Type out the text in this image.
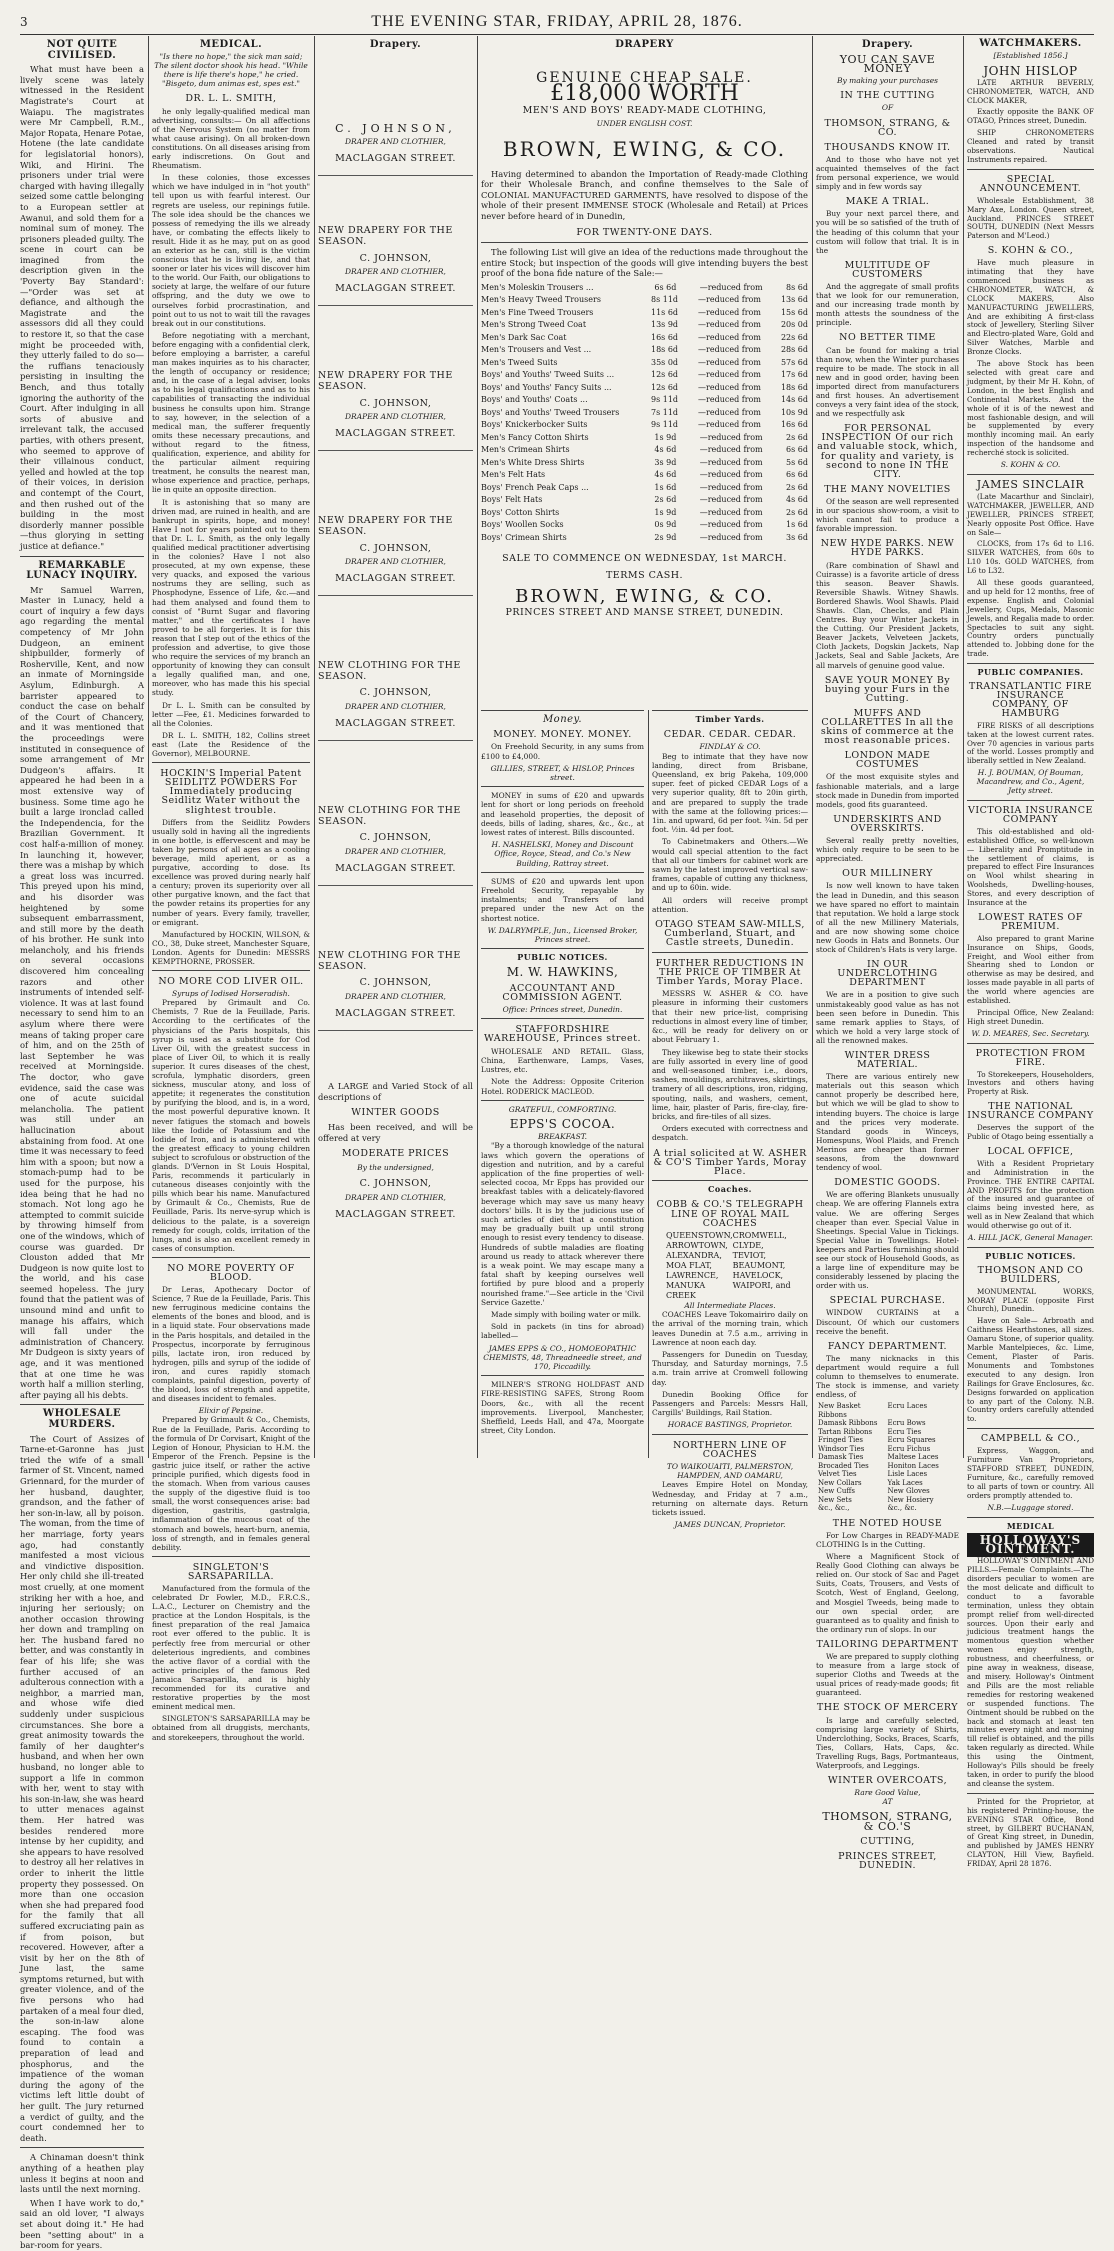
3	THE EVENING STAR, FRIDAY, APRIL 28, 1876.
NOT QUITE CIVILISED.

What must have been a lively scene was lately witnessed in the Resident Magistrate's Court at Waiapu. The magistrates were Mr Campbell, R.M., Major Ropata, Henare Potae, Hotene (the late candidate for legislatorial honors), Wiki, and Hirini. The prisoners under trial were charged with having illegally seized some cattle belonging to a European settler at Awanui, and sold them for a nominal sum of money. The prisoners pleaded guilty. The scene in court can be imagined from the description given in the 'Poverty Bay Standard':—"Order was set at defiance, and although the Magistrate and the assessors did all they could to restore it, so that the case might be proceeded with, they utterly failed to do so—the ruffians tenaciously persisting in insulting the Bench, and thus totally ignoring the authority of the Court. After indulging in all sorts of abusive and irrelevant talk, the accused parties, with others present, who seemed to approve of their villainous conduct, yelled and howled at the top of their voices, in derision and contempt of the Court, and then rushed out of the building in the most disorderly manner possible—thus glorying in setting justice at defiance."

REMARKABLE LUNACY INQUIRY.

Mr Samuel Warren, Master in Lunacy, held a court of inquiry a few days ago regarding the mental competency of Mr John Dudgeon, an eminent shipbuilder, formerly of Rosherville, Kent, and now an inmate of Morningside Asylum, Edinburgh. A barrister appeared to conduct the case on behalf of the Court of Chancery, and it was mentioned that the proceedings were instituted in consequence of some arrangement of Mr Dudgeon's affairs. It appeared he had been in a most extensive way of business. Some time ago he built a large ironclad called the Independencia, for the Brazilian Government. It cost half-a-million of money. In launching it, however, there was a mishap by which a great loss was incurred. This preyed upon his mind, and his disorder was heightened by some subsequent embarrassment, and still more by the death of his brother. He sunk into melancholy, and his friends on several occasions discovered him concealing razors and other instruments of intended self-violence. It was at last found necessary to send him to an asylum where there were means of taking proper care of him, and on the 25th of last September he was received at Morningside. The doctor, who gave evidence, said the case was one of acute suicidal melancholia. The patient was still under an hallucination about abstaining from food. At one time it was necessary to feed him with a spoon; but now a stomach-pump had to be used for the purpose, his idea being that he had no stomach. Not long ago he attempted to commit suicide by throwing himself from one of the windows, which of course was guarded. Dr Clouston added that Mr Dudgeon is now quite lost to the world, and his case seemed hopeless. The jury found that the patient was of unsound mind and unfit to manage his affairs, which will fall under the administration of Chancery. Mr Dudgeon is sixty years of age, and it was mentioned that at one time he was worth half a million sterling, after paying all his debts.

WHOLESALE MURDERS.

The Court of Assizes of Tarne-et-Garonne has just tried the wife of a small farmer of St. Vincent, named Griennard, for the murder of her husband, daughter, grandson, and the father of her son-in-law, all by poison. The woman, from the time of her marriage, forty years ago, had constantly manifested a most vicious and vindictive disposition. Her only child she ill-treated most cruelly, at one moment striking her with a hoe, and injuring her seriously; on another occasion throwing her down and trampling on her. The husband fared no better, and was constantly in fear of his life; she was further accused of an adulterous connection with a neighbor, a married man, and whose wife died suddenly under suspicious circumstances. She bore a great animosity towards the family of her daughter's husband, and when her own husband, no longer able to support a life in common with her, went to stay with his son-in-law, she was heard to utter menaces against them. Her hatred was besides rendered more intense by her cupidity, and she appears to have resolved to destroy all her relatives in order to inherit the little property they possessed. On more than one occasion when she had prepared food for the family that all suffered excruciating pain as if from poison, but recovered. However, after a visit by her on the 8th of June last, the same symptoms returned, but with greater violence, and of the five persons who had partaken of a meal four died, the son-in-law alone escaping. The food was found to contain a preparation of lead and phosphorus, and the impatience of the woman during the agony of the victims left little doubt of her guilt. The jury returned a verdict of guilty, and the court condemned her to death.

A Chinaman doesn't think anything of a heathen play unless it begins at noon and lasts until the next morning.

When I have work to do," said an old lover, "I always set about doing it." He had been "setting about" in a bar-room for years.

MEDICAL.
"Is there no hope," the sick man said; The silent doctor shook his head. "While there is life there's hope," he cried. "Bisgeto, dum animas est, spes est."
DR. L. L. SMITH,

he only legally-qualified medical man advertising, consults:— On all affections of the Nervous System (no matter from what cause arising). On all broken-down constitutions. On all diseases arising from early indiscretions. On Gout and Rheumatism.

In these colonies, those excesses which we have indulged in in "hot youth" tell upon us with fearful interest. Our regrets are useless, our repinings futile. The sole idea should be the chances we possess of remedying the ills we already have, or combating the effects likely to result. Hide it as he may, put on as good an exterior as he can, still is the victim conscious that he is living lie, and that sooner or later his vices will discover him to the world. Our Faith, our obligations to society at large, the welfare of our future offspring, and the duty we owe to ourselves forbid procrastination, and point out to us not to wait till the ravages break out in our constitutions.

Before negotiating with a merchant, before engaging with a confidential clerk, before employing a barrister, a careful man makes inquiries as to his character, the length of occupancy or residence; and, in the case of a legal adviser, looks as to his legal qualifications and as to his capabilities of transacting the individual business he consults upon him. Strange to say, however, in the selection of a medical man, the sufferer frequently omits these necessary precautions, and without regard to the fitness, qualification, experience, and ability for the particular ailment requiring treatment, he consults the nearest man, whose experience and practice, perhaps, lie in quite an opposite direction.

It is astonishing that so many are driven mad, are ruined in health, and are bankrupt in spirits, hope, and money! Have I not for years pointed out to them that Dr. L. L. Smith, as the only legally qualified medical practitioner advertising in the colonies? Have I not also prosecuted, at my own expense, these very quacks, and exposed the various nostrums they are selling, such as Phosphodyne, Essence of Life, &c.—and had them analysed and found them to consist of "Burnt Sugar and flavoring matter," and the certificates I have proved to be all forgeries. It is for this reason that I step out of the ethics of the profession and advertise, to give those who require the services of my branch an opportunity of knowing they can consult a legally qualified man, and one, moreover, who has made this his special study.

Dr L. L. Smith can be consulted by letter —Fee, £1. Medicines forwarded to all the Colonies.

DR L. L. SMITH, 182, Collins street east (Late the Residence of the Governor), MELBOURNE.

HOCKIN'S Imperial Patent SEIDLITZ POWDERS For Immediately producing Seidlitz Water without the slightest trouble.

Differs from the Seidlitz Powders usually sold in having all the ingredients in one bottle, is effervescent and may be taken by persons of all ages as a cooling beverage, mild aperient, or as a purgative, according to dose. Its excellence was proved during nearly half a century; proven its superiority over all other purgative known, and the fact that the powder retains its properties for any number of years. Every family, traveller, or emigrant.

Manufactured by HOCKIN, WILSON, & CO., 38, Duke street, Manchester Square, London. Agents for Dunedin: MESSRS KEMPTHORNE, PROSSER.

NO MORE COD LIVER OIL.
Syrups of Iodised Horseradish.

Prepared by Grimault and Co. Chemists, 7 Rue de la Feuillade, Paris. According to the certificates of the physicians of the Paris hospitals, this syrup is used as a substitute for Cod Liver Oil, with the greatest success in place of Liver Oil, to which it is really superior. It cures diseases of the chest, scrofula, lymphatic disorders, green sickness, muscular atony, and loss of appetite; it regenerates the constitution by purifying the blood, and is, in a word, the most powerful depurative known. It never fatigues the stomach and bowels like the Iodide of Potassium and the Iodide of Iron, and is administered with the greatest efficacy to young children subject to scrofulous or obstruction of the glands. D'Vernon in St Louis Hospital, Paris, recommends it particularly in cutaneous diseases conjointly with the pills which bear his name. Manufactured by Grimault & Co., Chemists, Rue de Feuillade, Paris. Its nerve-syrup which is delicious to the palate, is a sovereign remedy for cough, colds, irritation of the lungs, and is also an excellent remedy in cases of consumption.

NO MORE POVERTY OF BLOOD.

Dr Leras, Apothecary Doctor of Science, 7 Rue de la Feuillade, Paris. This new ferruginous medicine contains the elements of the bones and blood, and is in a liquid state. Four observations made in the Paris hospitals, and detailed in the Prospectus, incorporate by ferruginous pills, lactate iron, iron reduced by hydrogen, pills and syrup of the iodide of iron, and cures rapidly stomach complaints, painful digestion, poverty of the blood, loss of strength and appetite, and diseases incident to females.

Elixir of Pepsine.

Prepared by Grimault & Co., Chemists, Rue de la Feuillade, Paris. According to the formula of Dr Corvisart, Knight of the Legion of Honour, Physician to H.M. the Emperor of the French. Pepsine is the gastric juice itself, or rather the active principle purified, which digests food in the stomach. When from various causes the supply of the digestive fluid is too small, the worst consequences arise: bad digestion, gastritis, gastralgia, inflammation of the mucous coat of the stomach and bowels, heart-burn, anemia, loss of strength, and in females general debility.

SINGLETON'S SARSAPARILLA.

Manufactured from the formula of the celebrated Dr Fowler, M.D., F.R.C.S., L.A.C., Lecturer on Chemistry and the practice at the London Hospitals, is the finest preparation of the real Jamaica root ever offered to the public. It is perfectly free from mercurial or other deleterious ingredients, and combines the active flavor of a cordial with the active principles of the famous Red Jamaica Sarsaparilla, and is highly recommended for its curative and restorative properties by the most eminent medical men.

SINGLETON'S SARSAPARILLA may be obtained from all druggists, merchants, and storekeepers, throughout the world.

Drapery.
C. JOHNSON,
DRAPER AND CLOTHIER,
MACLAGGAN STREET.
NEW DRAPERY FOR THE SEASON.
C. JOHNSON,
DRAPER AND CLOTHIER,
MACLAGGAN STREET.
NEW DRAPERY FOR THE SEASON.
C. JOHNSON,
DRAPER AND CLOTHIER,
MACLAGGAN STREET.
NEW DRAPERY FOR THE SEASON.
C. JOHNSON,
DRAPER AND CLOTHIER,
MACLAGGAN STREET.
NEW CLOTHING FOR THE SEASON.
C. JOHNSON,
DRAPER AND CLOTHIER,
MACLAGGAN STREET.
NEW CLOTHING FOR THE SEASON.
C. JOHNSON,
DRAPER AND CLOTHIER,
MACLAGGAN STREET.
NEW CLOTHING FOR THE SEASON.
C. JOHNSON,
DRAPER AND CLOTHIER,
MACLAGGAN STREET.

A LARGE and Varied Stock of all descriptions of

WINTER GOODS

Has been received, and will be offered at very

MODERATE PRICES
By the undersigned,
C. JOHNSON,
DRAPER AND CLOTHIER,
MACLAGGAN STREET.
DRAPERY
GENUINE CHEAP SALE.
£18,000 WORTH
MEN'S AND BOYS' READY-MADE CLOTHING,
UNDER ENGLISH COST.
BROWN, EWING, & CO.

Having determined to abandon the Importation of Ready-made Clothing for their Wholesale Branch, and confine themselves to the Sale of COLONIAL MANUFACTURED GARMENTS, have resolved to dispose of the whole of their present IMMENSE STOCK (Wholesale and Retail) at Prices never before heard of in Dunedin,

FOR TWENTY-ONE DAYS.

The following List will give an idea of the reductions made throughout the entire Stock; but inspection of the goods will give intending buyers the best proof of the bona fide nature of the Sale:—

Men's Moleskin Trousers ...	6s 6d	—reduced from	8s 6d
Men's Heavy Tweed Trousers	8s 11d	—reduced from	13s 6d
Men's Fine Tweed Trousers	11s 6d	—reduced from	15s 6d
Men's Strong Tweed Coat	13s 9d	—reduced from	20s 0d
Men's Dark Sac Coat	16s 6d	—reduced from	22s 6d
Men's Trousers and Vest ...	18s 6d	—reduced from	28s 6d
Men's Tweed Suits	35s 0d	—reduced from	57s 6d
Boys' and Youths' Tweed Suits ...	12s 6d	—reduced from	17s 6d
Boys' and Youths' Fancy Suits ...	12s 6d	—reduced from	18s 6d
Boys' and Youths' Coats ...	9s 11d	—reduced from	14s 6d
Boys' and Youths' Tweed Trousers	7s 11d	—reduced from	10s 9d
Boys' Knickerbocker Suits	9s 11d	—reduced from	16s 6d
Men's Fancy Cotton Shirts	1s 9d	—reduced from	2s 6d
Men's Crimean Shirts	4s 6d	—reduced from	6s 6d
Men's White Dress Shirts	3s 9d	—reduced from	5s 6d
Men's Felt Hats	4s 6d	—reduced from	6s 6d
Boys' French Peak Caps ...	1s 6d	—reduced from	2s 6d
Boys' Felt Hats	2s 6d	—reduced from	4s 6d
Boys' Cotton Shirts	1s 9d	—reduced from	2s 6d
Boys' Woollen Socks	0s 9d	—reduced from	1s 6d
Boys' Crimean Shirts	2s 9d	—reduced from	3s 6d
SALE TO COMMENCE ON WEDNESDAY, 1st MARCH.
TERMS CASH.
BROWN, EWING, & CO.
PRINCES STREET AND MANSE STREET, DUNEDIN.
Money.
MONEY. MONEY. MONEY.

On Freehold Security, in any sums from £100 to £4,000.

GILLIES, STREET, & HISLOP, Princes street.

MONEY in sums of £20 and upwards lent for short or long periods on freehold and leasehold properties, the deposit of deeds, bills of lading, shares, &c., &c., at lowest rates of interest. Bills discounted.

H. NASHELSKI, Money and Discount Office, Royce, Stead, and Co.'s New Building, Rattray street.

SUMS of £20 and upwards lent upon Freehold Security, repayable by instalments; and Transfers of land prepared under the new Act on the shortest notice.

W. DALRYMPLE, Jun., Licensed Broker, Princes street.
PUBLIC NOTICES.
M. W. HAWKINS,
ACCOUNTANT AND COMMISSION AGENT.
Office: Princes street, Dunedin.
STAFFORDSHIRE WAREHOUSE, Princes street.

WHOLESALE AND RETAIL. Glass, China, Earthenware, Lamps, Vases, Lustres, etc.

Note the Address: Opposite Criterion Hotel. RODERICK MACLEOD.

GRATEFUL, COMFORTING.
EPPS'S COCOA.
BREAKFAST.

"By a thorough knowledge of the natural laws which govern the operations of digestion and nutrition, and by a careful application of the fine properties of well-selected cocoa, Mr Epps has provided our breakfast tables with a delicately-flavored beverage which may save us many heavy doctors' bills. It is by the judicious use of such articles of diet that a constitution may be gradually built up until strong enough to resist every tendency to disease. Hundreds of subtle maladies are floating around us ready to attack wherever there is a weak point. We may escape many a fatal shaft by keeping ourselves well fortified by pure blood and a properly nourished frame."—See article in the 'Civil Service Gazette.'

Made simply with boiling water or milk.

Sold in packets (in tins for abroad) labelled—

JAMES EPPS & CO., HOMOEOPATHIC CHEMISTS, 48, Threadneedle street, and 170, Piccadilly.

MILNER'S STRONG HOLDFAST AND FIRE-RESISTING SAFES, Strong Room Doors, &c., with all the recent improvements. Liverpool, Manchester, Sheffield, Leeds Hall, and 47a, Moorgate street, City London.

Timber Yards.
CEDAR. CEDAR. CEDAR.
FINDLAY & CO.

Beg to intimate that they have now landing, direct from Brisbane, Queensland, ex brig Pakeha, 109,000 super. feet of picked CEDAR Logs of a very superior quality, 8ft to 20in girth, and are prepared to supply the trade with the same at the following prices:— 1in. and upward, 6d per foot. ¾in. 5d per foot. ½in. 4d per foot.

To Cabinetmakers and Others.—We would call special attention to the fact that all our timbers for cabinet work are sawn by the latest improved vertical saw-frames, capable of cutting any thickness, and up to 60in. wide.

All orders will receive prompt attention.

OTAGO STEAM SAW-MILLS, Cumberland, Stuart, and Castle streets, Dunedin.
FURTHER REDUCTIONS IN THE PRICE OF TIMBER At Timber Yards, Moray Place.

MESSRS W. ASHER & CO. have pleasure in informing their customers that their new price-list, comprising reductions in almost every line of timber, &c., will be ready for delivery on or about February 1.

They likewise beg to state their stocks are fully assorted in every line of good and well-seasoned timber, i.e., doors, sashes, mouldings, architraves, skirtings, tramery of all descriptions, iron, ridging, spouting, nails, and washers, cement, lime, hair, plaster of Paris, fire-clay, fire-bricks, and fire-tiles of all sizes.

Orders executed with correctness and despatch.

A trial solicited at W. ASHER & CO'S Timber Yards, Moray Place.
Coaches.
COBB & CO.'S TELEGRAPH LINE OF ROYAL MAIL COACHES
QUEENSTOWN, CROMWELL,
ARROWTOWN, CLYDE,
ALEXANDRA,	TEVIOT,
MOA FLAT,	BEAUMONT,
LAWRENCE,	HAVELOCK,
MANUKA CREEK
WAIPORI, and
All Intermediate Places.

COACHES Leave Tokomairiro daily on the arrival of the morning train, which leaves Dunedin at 7.5 a.m., arriving in Lawrence at noon each day.

Passengers for Dunedin on Tuesday, Thursday, and Saturday mornings, 7.5 a.m. train arrive at Cromwell following day.

Dunedin Booking Office for Passengers and Parcels: Messrs Hall, Cargills' Buildings, Rail Station.

HORACE BASTINGS, Proprietor.
NORTHERN LINE OF COACHES
TO WAIKOUAITI, PALMERSTON, HAMPDEN, AND OAMARU,

Leaves Empire Hotel on Monday, Wednesday, and Friday at 7 a.m., returning on alternate days. Return tickets issued.

JAMES DUNCAN, Proprietor.
Drapery.
YOU CAN SAVE MONEY
By making your purchases
IN THE CUTTING
OF
THOMSON, STRANG, & CO.
THOUSANDS KNOW IT.

And to those who have not yet acquainted themselves of the fact from personal experience, we would simply and in few words say

MAKE A TRIAL.

Buy your next parcel there, and you will be so satisfied of the truth of the heading of this column that your custom will follow that trial. It is in the

MULTITUDE OF CUSTOMERS

And the aggregate of small profits that we look for our remuneration, and our increasing trade month by month attests the soundness of the principle.

NO BETTER TIME

Can be found for making a trial than now, when the Winter purchases require to be made. The stock in all new and in good order, having been imported direct from manufacturers and first houses. An advertisement conveys a very faint idea of the stock, and we respectfully ask

FOR PERSONAL INSPECTION Of our rich and valuable stock, which, for quality and variety, is second to none IN THE CITY.
THE MANY NOVELTIES

Of the season are well represented in our spacious show-room, a visit to which cannot fail to produce a favorable impression.

NEW HYDE PARKS. NEW HYDE PARKS.

(Rare combination of Shawl and Cuirasse) is a favorite article of dress this season. Beaver Shawls. Reversible Shawls. Witney Shawls. Bordered Shawls. Wool Shawls. Plaid Shawls. Clan, Checks, and Plain Centres. Buy your Winter Jackets in the Cutting. Our President Jackets, Beaver Jackets, Velveteen Jackets, Cloth Jackets, Dogskin Jackets, Nap Jackets, Seal and Sable Jackets, Are all marvels of genuine good value.

SAVE YOUR MONEY By buying your Furs in the Cutting.
MUFFS AND COLLARETTES In all the skins of commerce at the most reasonable prices.
LONDON MADE COSTUMES

Of the most exquisite styles and fashionable materials, and a large stock made in Dunedin from imported models, good fits guaranteed.

UNDERSKIRTS AND OVERSKIRTS.

Several really pretty novelties, which only require to be seen to be appreciated.

OUR MILLINERY

Is now well known to have taken the lead in Dunedin, and this season we have spared no effort to maintain that reputation. We hold a large stock of all the new Millinery Materials, and are now showing some choice new Goods in Hats and Bonnets. Our stock of Children's Hats is very large.

IN OUR UNDERCLOTHING DEPARTMENT

We are in a position to give such unmistakeably good value as has not been seen before in Dunedin. This same remark applies to Stays, of which we hold a very large stock of all the renowned makes.

WINTER DRESS MATERIAL.

There are various entirely new materials out this season which cannot properly be described here, but which we will be glad to show to intending buyers. The choice is large and the prices very moderate. Standard goods in Winceys, Homespuns, Wool Plaids, and French Merinos are cheaper than former seasons, from the downward tendency of wool.

DOMESTIC GOODS.

We are offering Blankets unusually cheap. We are offering Flannels extra value. We are offering Serges cheaper than ever. Special Value in Sheetings. Special Value in Tickings. Special Value in Towellings. Hotel-keepers and Parties furnishing should see our stock of Household Goods, as a large line of expenditure may be considerably lessened by placing the order with us.

SPECIAL PURCHASE.

WINDOW CURTAINS at a Discount, Of which our customers receive the benefit.

FANCY DEPARTMENT.

The many nicknacks in this department would require a full column to themselves to enumerate. The stock is immense, and variety endless, of

New Basket Ribbons
Ecru Laces
Damask Ribbons	Ecru Bows
Tartan Ribbons	Ecru Ties
Fringed Ties	Ecru Squares
Windsor Ties	Ecru Fichus
Damask Ties	Maltese Laces
Brocaded Ties	Honiton Laces
Velvet Ties	Lisle Laces
New Collars	Yak Laces
New Cuffs	New Gloves
New Sets	New Hosiery
&c., &c.,	&c., &c.
THE NOTED HOUSE

For Low Charges in READY-MADE CLOTHING Is in the Cutting.

Where a Magnificent Stock of Really Good Clothing can always be relied on. Our stock of Sac and Paget Suits, Coats, Trousers, and Vests of Scotch, West of England, Geelong, and Mosgiel Tweeds, being made to our own special order, are guaranteed as to quality and finish to the ordinary run of slops. In our

TAILORING DEPARTMENT

We are prepared to supply clothing to measure from a large stock of superior Cloths and Tweeds at the usual prices of ready-made goods; fit guaranteed.

THE STOCK OF MERCERY

Is large and carefully selected, comprising large variety of Shirts, Underclothing, Socks, Braces, Scarfs, Ties, Collars, Hats, Caps, &c. Travelling Rugs, Bags, Portmanteaus, Waterproofs, and Leggings.

WINTER OVERCOATS,
Rare Good Value,
AT
THOMSON, STRANG, & CO.'S
CUTTING,
PRINCES STREET, DUNEDIN.
WATCHMAKERS.
[Established 1856.]
JOHN HISLOP

LATE ARTHUR BEVERLY, CHRONOMETER, WATCH, AND CLOCK MAKER,

Exactly opposite the BANK OF OTAGO, Princes street, Dunedin.

SHIP CHRONOMETERS Cleaned and rated by transit observations. Nautical Instruments repaired.

SPECIAL ANNOUNCEMENT.

Wholesale Establishment, 38 Mary Axe, London. Queen street, Auckland. PRINCES STREET SOUTH, DUNEDIN (Next Messrs Paterson and M'Leod.)

S. KOHN & CO.,

Have much pleasure in intimating that they have commenced business as CHRONOMETER, WATCH, & CLOCK MAKERS, Also MANUFACTURING JEWELLERS, And are exhibiting A first-class stock of Jewellery, Sterling Silver and Electro-plated Ware, Gold and Silver Watches, Marble and Bronze Clocks.

The above Stock has been selected with great care and judgment, by their Mr H. Kohn, of London, in the best English and Continental Markets. And the whole of it is of the newest and most fashionable design, and will be supplemented by every monthly incoming mail. An early inspection of the handsome and recherché stock is solicited.

S. KOHN & CO.
JAMES SINCLAIR

(Late Macarthur and Sinclair), WATCHMAKER, JEWELLER, AND JEWELLER, PRINCES STREET, Nearly opposite Post Office. Have on Sale—

CLOCKS, from 17s 6d to L16. SILVER WATCHES, from 60s to L10 10s. GOLD WATCHES, from L6 to L32.

All these goods guaranteed, and up held for 12 months, free of expense. English and Colonial Jewellery, Cups, Medals, Masonic Jewels, and Regalia made to order. Spectacles to suit any sight. Country orders punctually attended to. Jobbing done for the trade.

PUBLIC COMPANIES.
TRANSATLANTIC FIRE INSURANCE COMPANY, OF HAMBURG

FIRE RISKS of all descriptions taken at the lowest current rates. Over 70 agencies in various parts of the world. Losses promptly and liberally settled in New Zealand.

H. J. BOUMAN, Of Bouman, Macandrew, and Co., Agent, Jetty street.
VICTORIA INSURANCE COMPANY

This old-established and old-established Office, so well-known — Liberality and Promptitude in the settlement of claims, is prepared to effect Fire Insurances on Wool whilst shearing in Woolsheds, Dwelling-houses, Stores, and every description of Insurance at the

LOWEST RATES OF PREMIUM.

Also prepared to grant Marine Insurance on Ships, Goods, Freight, and Wool either from Shearing shed to London or otherwise as may be desired, and losses made payable in all parts of the world where agencies are established.

Principal Office, New Zealand: High street Dunedin.

W. D. MEARES, Sec. Secretary.
PROTECTION FROM FIRE.

To Storekeepers, Householders, Investors and others having Property at Risk.

THE NATIONAL INSURANCE COMPANY

Deserves the support of the Public of Otago being essentially a

LOCAL OFFICE,

With a Resident Proprietary and Administration in the Province. THE ENTIRE CAPITAL AND PROFITS for the protection of the insured and guarantee of claims being invested here, as well as in New Zealand that which would otherwise go out of it.

A. HILL JACK, General Manager.
PUBLIC NOTICES.
THOMSON AND CO BUILDERS,

MONUMENTAL WORKS, MORAY PLACE (opposite First Church), Dunedin.

Have on Sale— Arbroath and Caithness Hearthstones, all sizes. Oamaru Stone, of superior quality. Marble Mantelpieces, &c. Lime, Cement, Plaster of Paris. Monuments and Tombstones executed to any design. Iron Railings for Grave Enclosures, &c. Designs forwarded on application to any part of the Colony. N.B. Country orders carefully attended to.

CAMPBELL & CO.,

Express, Waggon, and Furniture Van Proprietors, STAFFORD STREET, DUNEDIN, Furniture, &c., carefully removed to all parts of town or country. All orders promptly attended to.

N.B.—Luggage stored.
MEDICAL
HOLLOWAY'S OINTMENT.

HOLLOWAY'S OINTMENT AND PILLS.—Female Complaints.—The disorders peculiar to women are the most delicate and difficult to conduct to a favorable termination, unless they obtain prompt relief from well-directed sources. Upon their early and judicious treatment hangs the momentous question whether women enjoy strength, robustness, and cheerfulness, or pine away in weakness, disease, and misery. Holloway's Ointment and Pills are the most reliable remedies for restoring weakened or suspended functions. The Ointment should be rubbed on the back and stomach at least ten minutes every night and morning till relief is obtained, and the pills taken regularly as directed. While this using the Ointment, Holloway's Pills should be freely taken, in order to purify the blood and cleanse the system.

Printed for the Proprietor, at his registered Printing-house, the EVENING STAR Office, Bond street, by GILBERT BUCHANAN, of Great King street, in Dunedin, and published by JAMES HENRY CLAYTON, Hill View, Bayfield. FRIDAY, April 28 1876.
